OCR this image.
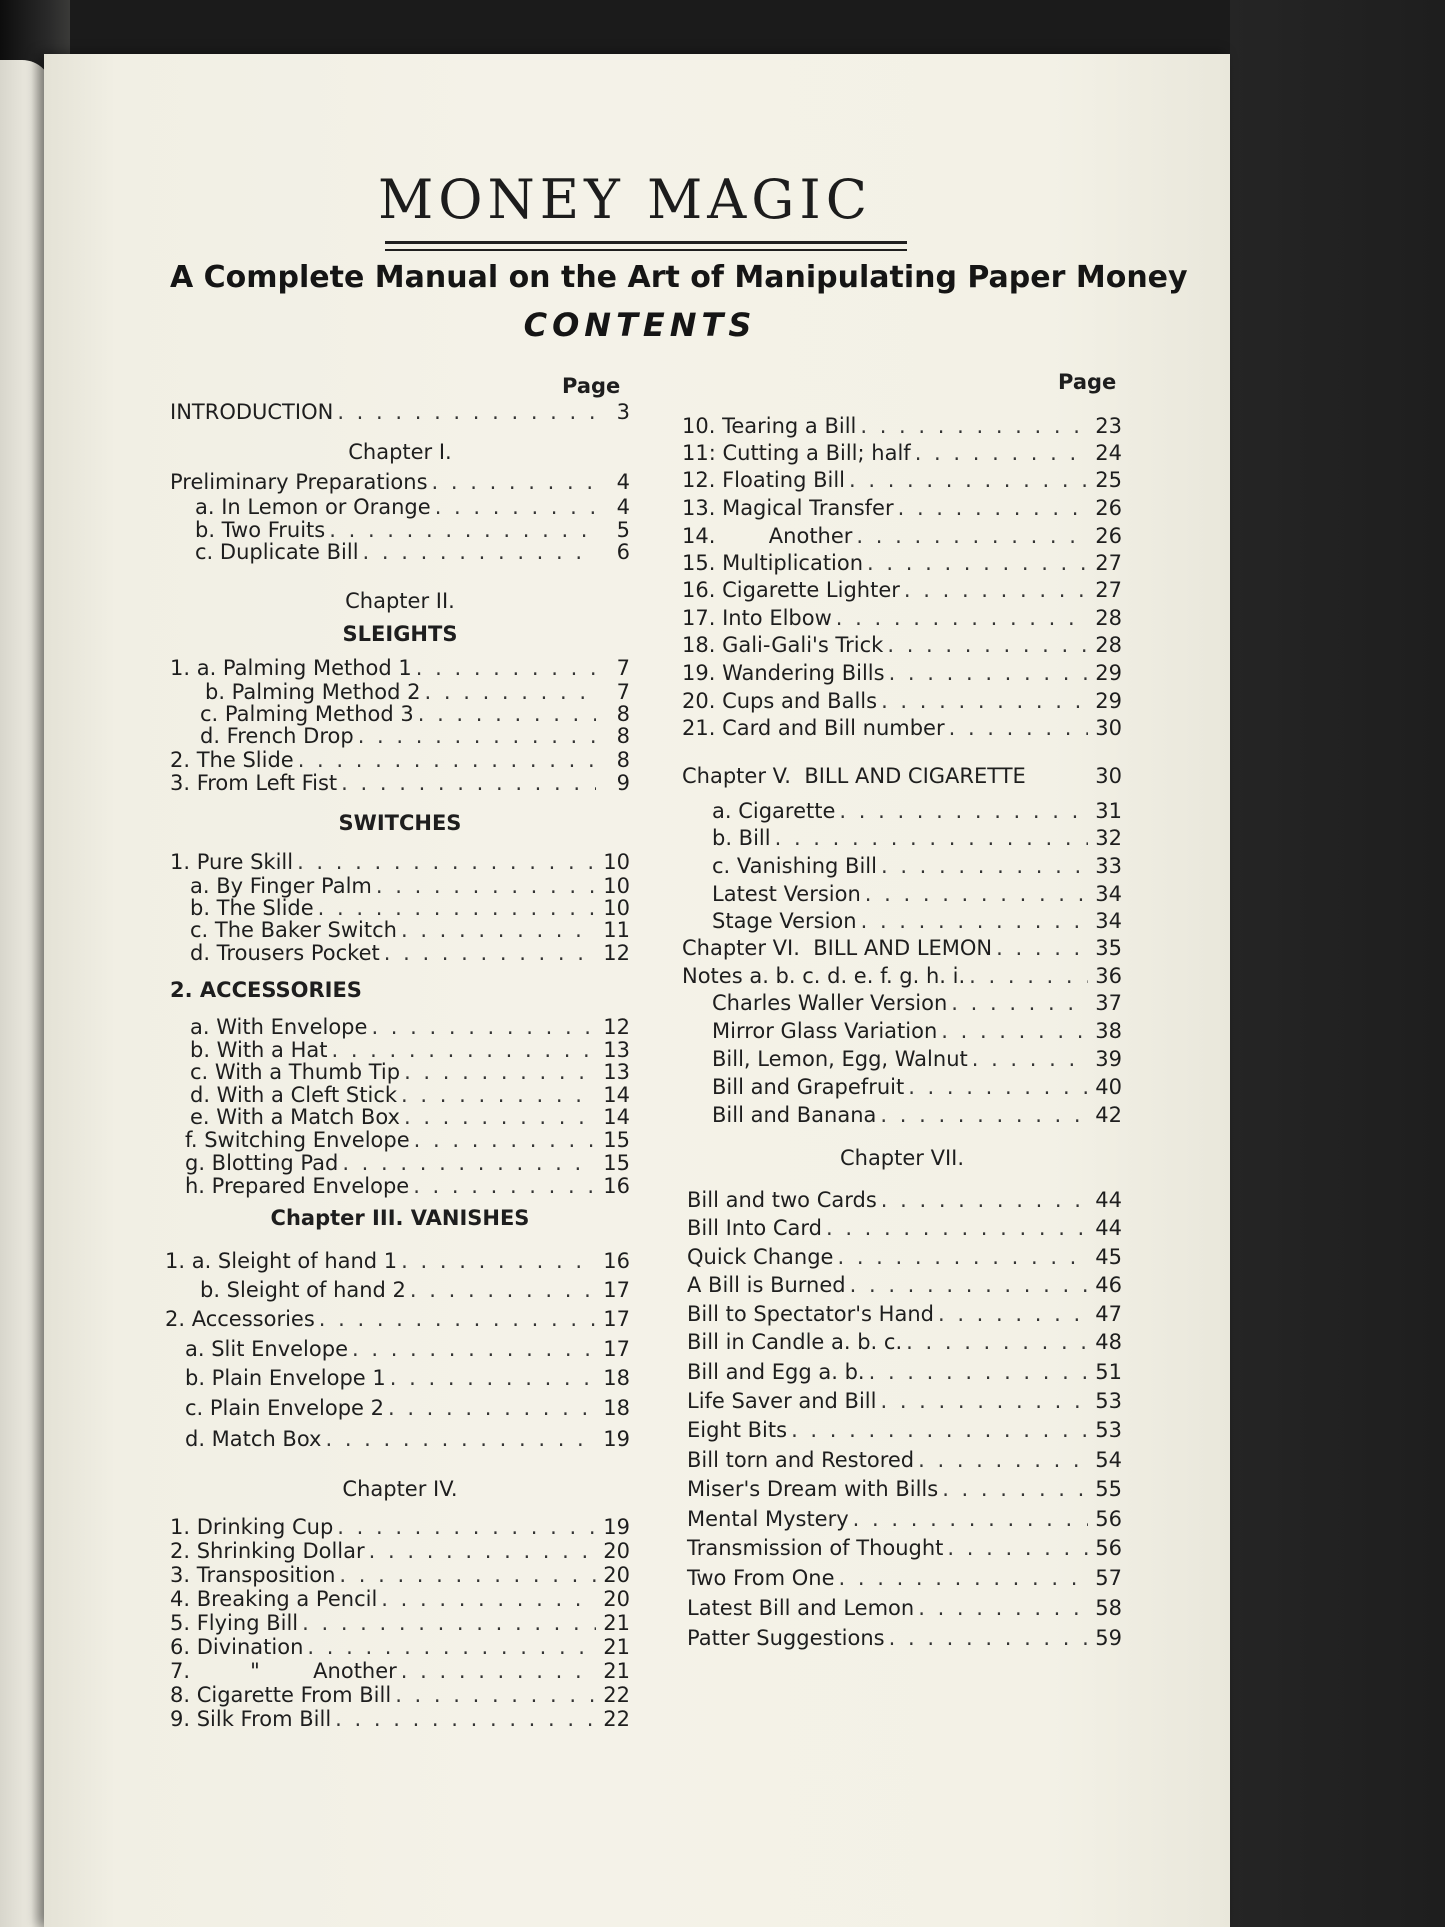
MONEY MAGIC
A Complete Manual on the Art of Manipulating Paper Money
CONTENTS
Page	Page
INTRODUCTION . . .	3
Chapter I.
Preliminary Preparations . . .	4
a. In Lemon or Orange . . .	4
b. Two Fruits . . .	5
c. Duplicate Bill . . .	6
Chapter II.
SLEIGHTS
1. a. Palming Method 1 . . .	7
b. Palming Method 2 . . .	7
c. Palming Method 3 . . .	8
d. French Drop . . .	8
2. The Slide . . .	8
3. From Left Fist . . .	9
SWITCHES
1. Pure Skill . . .	10
a. By Finger Palm . . .	10
b. The Slide . . .	10
c. The Baker Switch . . .	11
d. Trousers Pocket . . .	12
2. ACCESSORIES
a. With Envelope . . .	12
b. With a Hat . . .	13
c. With a Thumb Tip . . .	13
d. With a Cleft Stick . . .	14
e. With a Match Box . . .	14
f. Switching Envelope . . .	15
g. Blotting Pad . . .	15
h. Prepared Envelope . . .	16
Chapter III. VANISHES
1. a. Sleight of hand 1 . . .	16
b. Sleight of hand 2 . . .	17
2. Accessories . . .	17
a. Slit Envelope . . .	17
b. Plain Envelope 1 . . .	18
c. Plain Envelope 2 . . .	18
d. Match Box . . .	19
Chapter IV.
1. Drinking Cup . . .	19
2. Shrinking Dollar . . .	20
3. Transposition . . .	20
4. Breaking a Pencil . . .	20
5. Flying Bill . . .	21
6. Divination . . .	21
7.         "        Another . . .	21
8. Cigarette From Bill . . .	22
9. Silk From Bill . . .	22
10. Tearing a Bill . . .	23
11: Cutting a Bill; half . . .	24
12. Floating Bill . . .	25
13. Magical Transfer . . .	26
14.        Another . . .	26
15. Multiplication . . .	27
16. Cigarette Lighter . . .	27
17. Into Elbow . . .	28
18. Gali-Gali's Trick . . .	28
19. Wandering Bills . . .	29
20. Cups and Balls . . .	29
21. Card and Bill number . . .	30
Chapter V.  BILL AND CIGARETTE	30
a. Cigarette . . .	31
b. Bill . . .	32
c. Vanishing Bill . . .	33
Latest Version . . .	34
Stage Version . . .	34
Chapter VI.  BILL AND LEMON . . .	35
Notes a. b. c. d. e. f. g. h. i. . . .	36
Charles Waller Version . . .	37
Mirror Glass Variation . . .	38
Bill, Lemon, Egg, Walnut . . .	39
Bill and Grapefruit . . .	40
Bill and Banana . . .	42
Chapter VII.
Bill and two Cards . . .	44
Bill Into Card . . .	44
Quick Change . . .	45
A Bill is Burned . . .	46
Bill to Spectator's Hand . . .	47
Bill in Candle a. b. c. . . .	48
Bill and Egg a. b. . . .	51
Life Saver and Bill . . .	53
Eight Bits . . .	53
Bill torn and Restored . . .	54
Miser's Dream with Bills . . .	55
Mental Mystery . . .	56
Transmission of Thought . . .	56
Two From One . . .	57
Latest Bill and Lemon . . .	58
Patter Suggestions . . .	59
